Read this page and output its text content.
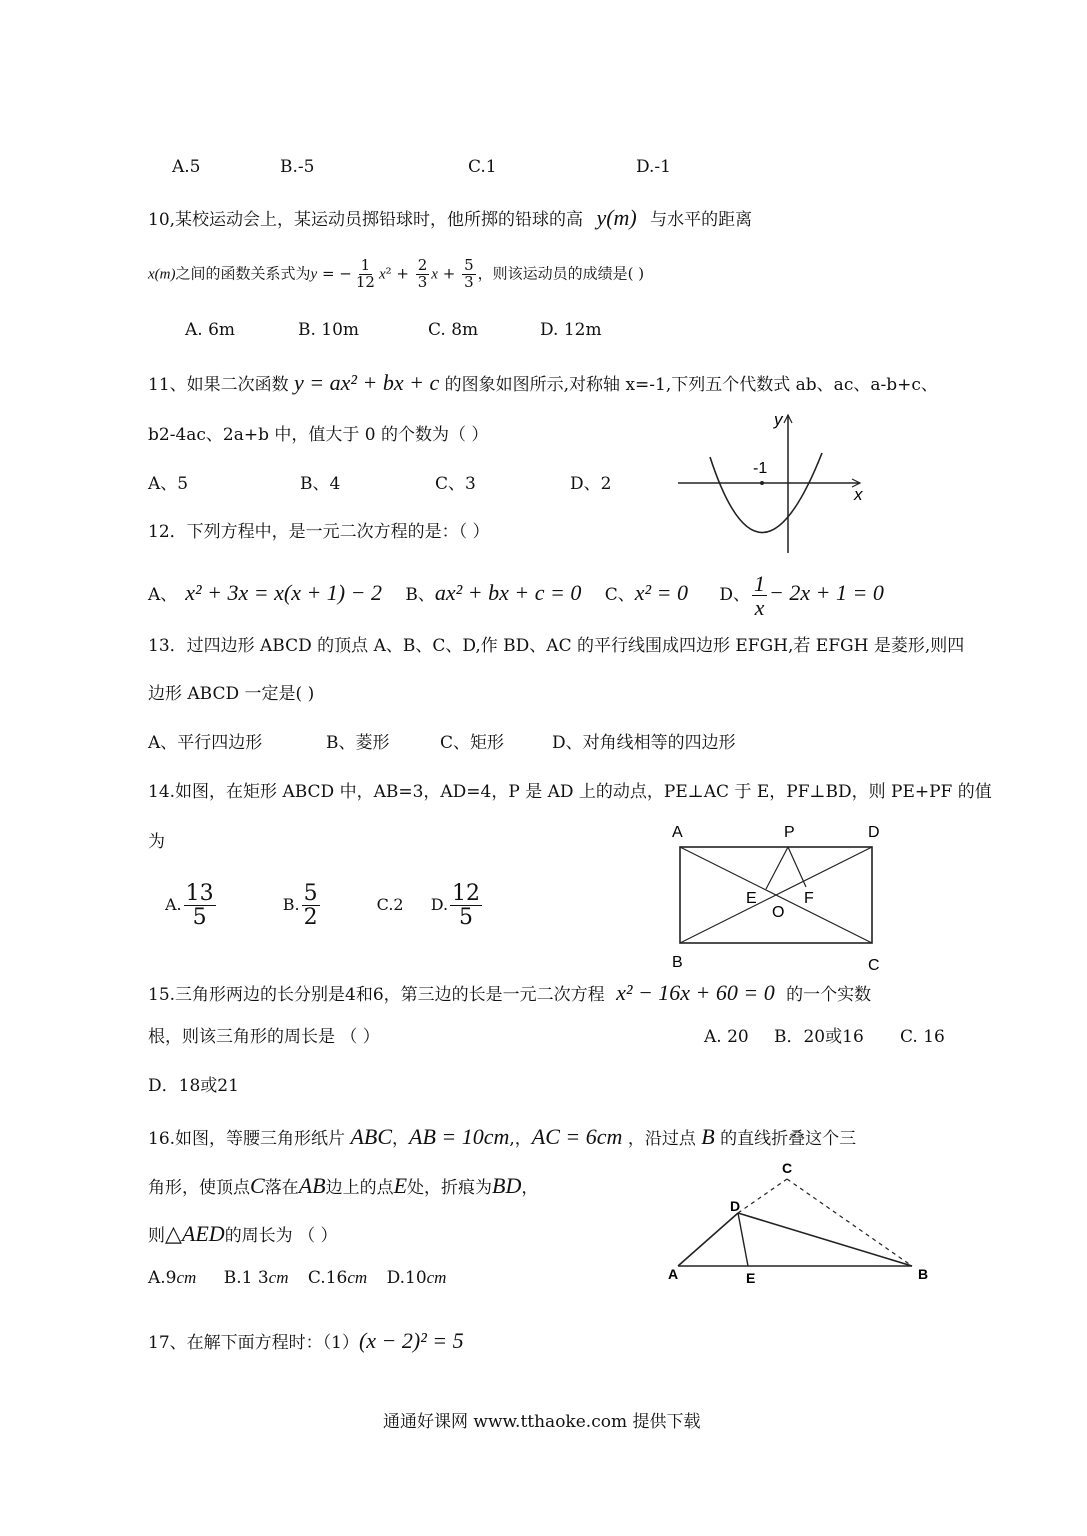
A.5	B.-5	C.1	D.-1
10,某校运动会上，某运动员掷铅球时，他所掷的铅球的高 y(m) 与水平的距离
x(m)之间的函数关系式为y = − $\frac{1}{12} x^2 + \frac{2}{3}$ $x + \frac{5}{3}$ ，则该运动员的成绩是( )
A. 6m	B. 10m	C. 8m	D. 12m
11、如果二次函数 y = ax² + bx + c 的图象如图所示,对称轴 x=-1,下列五个代数式 ab、ac、a-b+c、
b2-4ac、2a+b 中，值大于 0 的个数为（ ）
A、5	B、4	C、3	D、2
y
x
-1
12．下列方程中，是一元二次方程的是：（ ）
A、 x² + 3x = x(x + 1) − 2 B、ax² + bx + c = 0 C、x² = 0 D、 $\frac{1}{x} - 2x + 1 = 0$
13．过四边形 ABCD 的顶点 A、B、C、D,作 BD、AC 的平行线围成四边形 EFGH,若 EFGH 是菱形,则四
边形 ABCD 一定是( )
A、平行四边形	B、菱形	C、矩形	D、对角线相等的四边形
14.如图，在矩形 ABCD 中，AB=3，AD=4，P 是 AD 上的动点，PE⊥AC 于 E，PF⊥BD，则 PE+PF 的值
为
A. $\frac{13}{5}$	B. $\frac{5}{2}$	C.2 D. $\frac{12}{5}$
A	P	D
B	C
E
O
F
15.三角形两边的长分别是4和6，第三边的长是一元二次方程 x² − 16x + 60 = 0 的一个实数
根，则该三角形的周长是 （ ）	A. 20 B．20或16 C. 16
D．18或21
16.如图，等腰三角形纸片 ABC，AB = 10cm,，AC = 6cm ，沿过点 B 的直线折叠这个三
角形，使顶点C落在AB边上的点E处，折痕为BD，
则△AED的周长为 （ ）
A.9cm B.1 3cm C.16cm D.10cm
C
D
A	E	B
17、在解下面方程时：（1）(x − 2)² = 5
通通好课网 www.tthaoke.com 提供下载
